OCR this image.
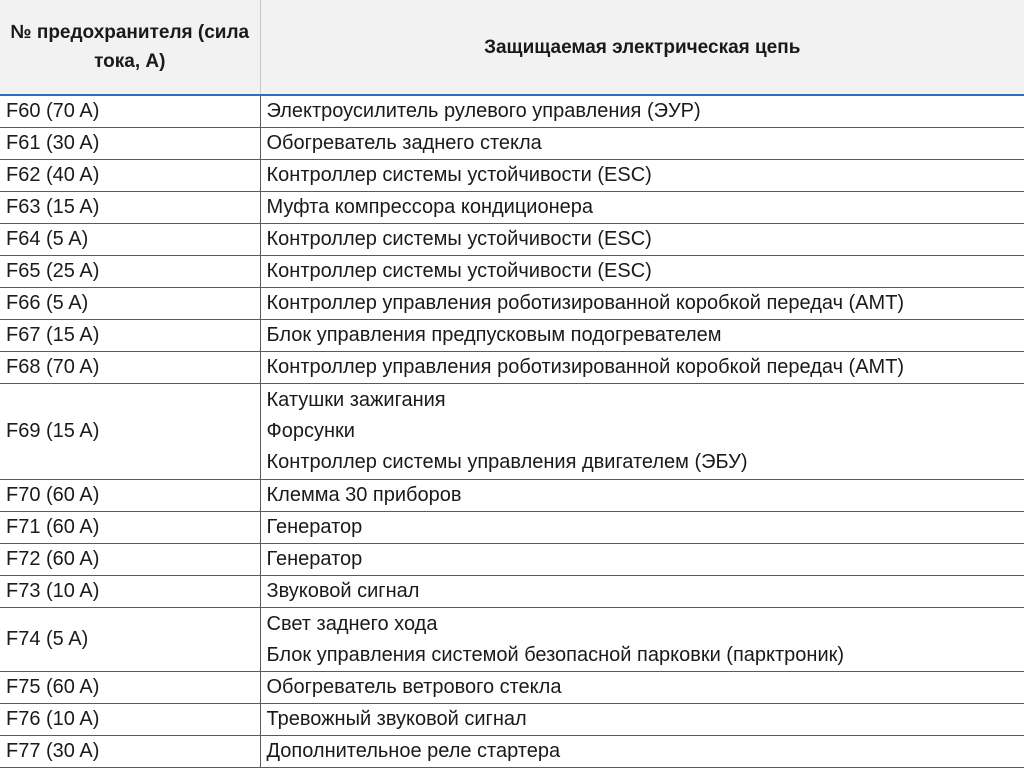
№ предохранителя (сила тока, А)	Защищаемая электрическая цепь
F60 (70 A)	Электроусилитель рулевого управления (ЭУР)

F61 (30 A)	Обогреватель заднего стекла

F62 (40 A)	Контроллер системы устойчивости (ESC)

F63 (15 A)	Муфта компрессора кондиционера

F64 (5 A)	Контроллер системы устойчивости (ESC)

F65 (25 A)	Контроллер системы устойчивости (ESC)

F66 (5 A)	Контроллер управления роботизированной коробкой передач (АМТ)

F67 (15 A)	Блок управления предпусковым подогревателем

F68 (70 A)	Контроллер управления роботизированной коробкой передач (АМТ)

F69 (15 A)	Катушки зажигания
Форсунки
Контроллер системы управления двигателем (ЭБУ)

F70 (60 A)	Клемма 30 приборов

F71 (60 A)	Генератор

F72 (60 A)	Генератор

F73 (10 A)	Звуковой сигнал

F74 (5 A)	Свет заднего хода
Блок управления системой безопасной парковки (парктроник)

F75 (60 A)	Обогреватель ветрового стекла

F76 (10 A)	Тревожный звуковой сигнал

F77 (30 A)	Дополнительное реле стартера
